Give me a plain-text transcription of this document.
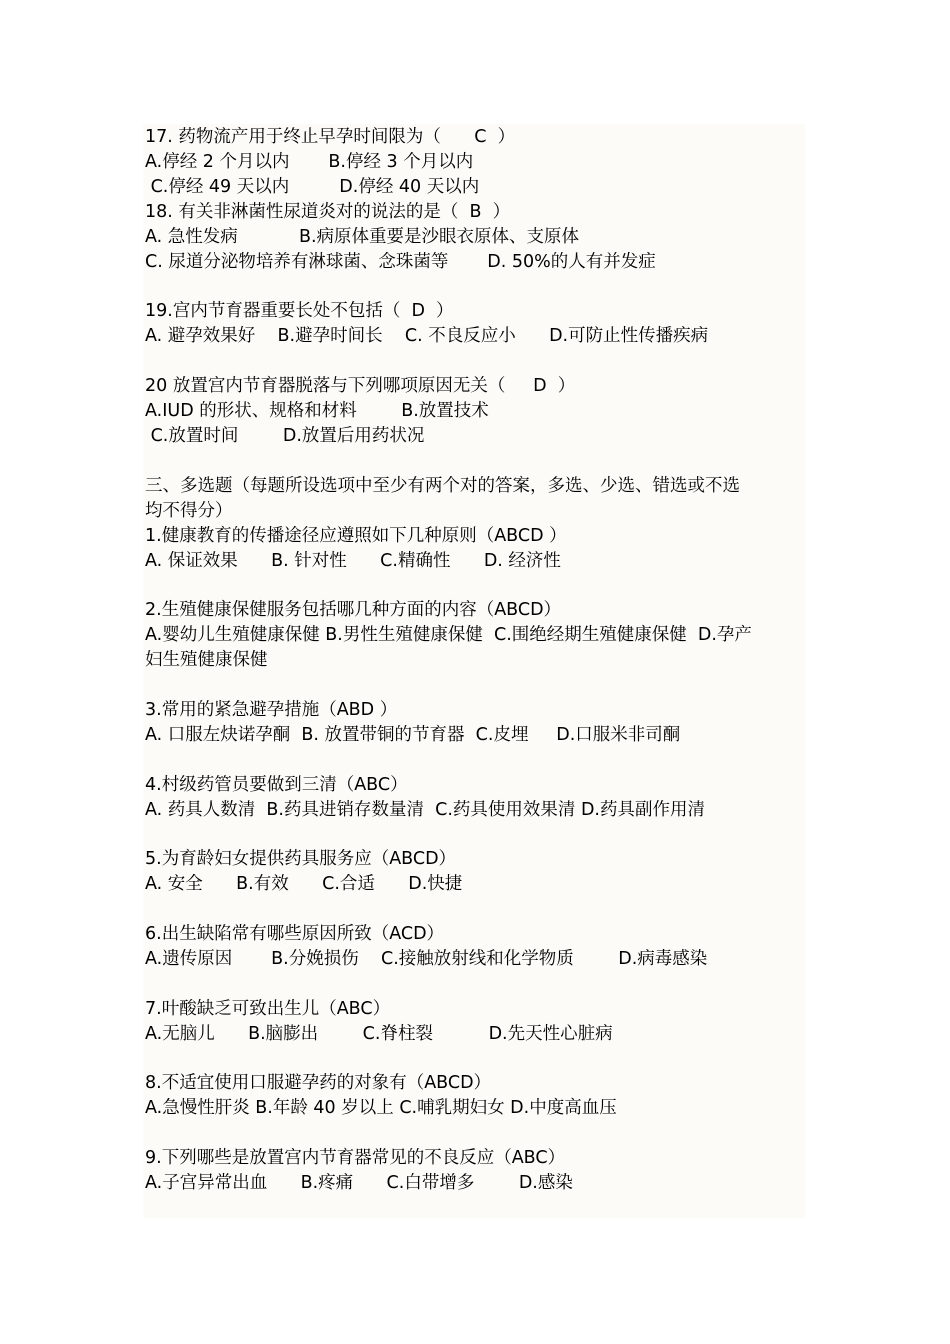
17. 药物流产用于终止早孕时间限为（      C  ）
A.停经 2 个月以内       B.停经 3 个月以内
C.停经 49 天以内         D.停经 40 天以内
18. 有关非淋菌性尿道炎对的说法的是（  B  ）
A. 急性发病           B.病原体重要是沙眼衣原体、支原体
C. 尿道分泌物培养有淋球菌、念珠菌等       D. 50%的人有并发症
19.宫内节育器重要长处不包括（  D  ）
A. 避孕效果好    B.避孕时间长    C. 不良反应小      D.可防止性传播疾病
20 放置宫内节育器脱落与下列哪项原因无关（     D  ）
A.IUD 的形状、规格和材料        B.放置技术
C.放置时间        D.放置后用药状况
三、多选题（每题所设选项中至少有两个对的答案，多选、少选、错选或不选
均不得分）
1.健康教育的传播途径应遵照如下几种原则（ABCD ）
A. 保证效果      B. 针对性      C.精确性      D. 经济性
2.生殖健康保健服务包括哪几种方面的内容（ABCD）
A.婴幼儿生殖健康保健 B.男性生殖健康保健  C.围绝经期生殖健康保健  D.孕产
妇生殖健康保健
3.常用的紧急避孕措施（ABD ）
A. 口服左炔诺孕酮  B. 放置带铜的节育器  C.皮埋     D.口服米非司酮
4.村级药管员要做到三清（ABC）
A. 药具人数清  B.药具进销存数量清  C.药具使用效果清 D.药具副作用清
5.为育龄妇女提供药具服务应（ABCD）
A. 安全      B.有效      C.合适      D.快捷
6.出生缺陷常有哪些原因所致（ACD）
A.遗传原因       B.分娩损伤    C.接触放射线和化学物质        D.病毒感染
7.叶酸缺乏可致出生儿（ABC）
A.无脑儿      B.脑膨出        C.脊柱裂          D.先天性心脏病
8.不适宜使用口服避孕药的对象有（ABCD）
A.急慢性肝炎 B.年龄 40 岁以上 C.哺乳期妇女 D.中度高血压
9.下列哪些是放置宫内节育器常见的不良反应（ABC）
A.子宫异常出血      B.疼痛      C.白带增多        D.感染
